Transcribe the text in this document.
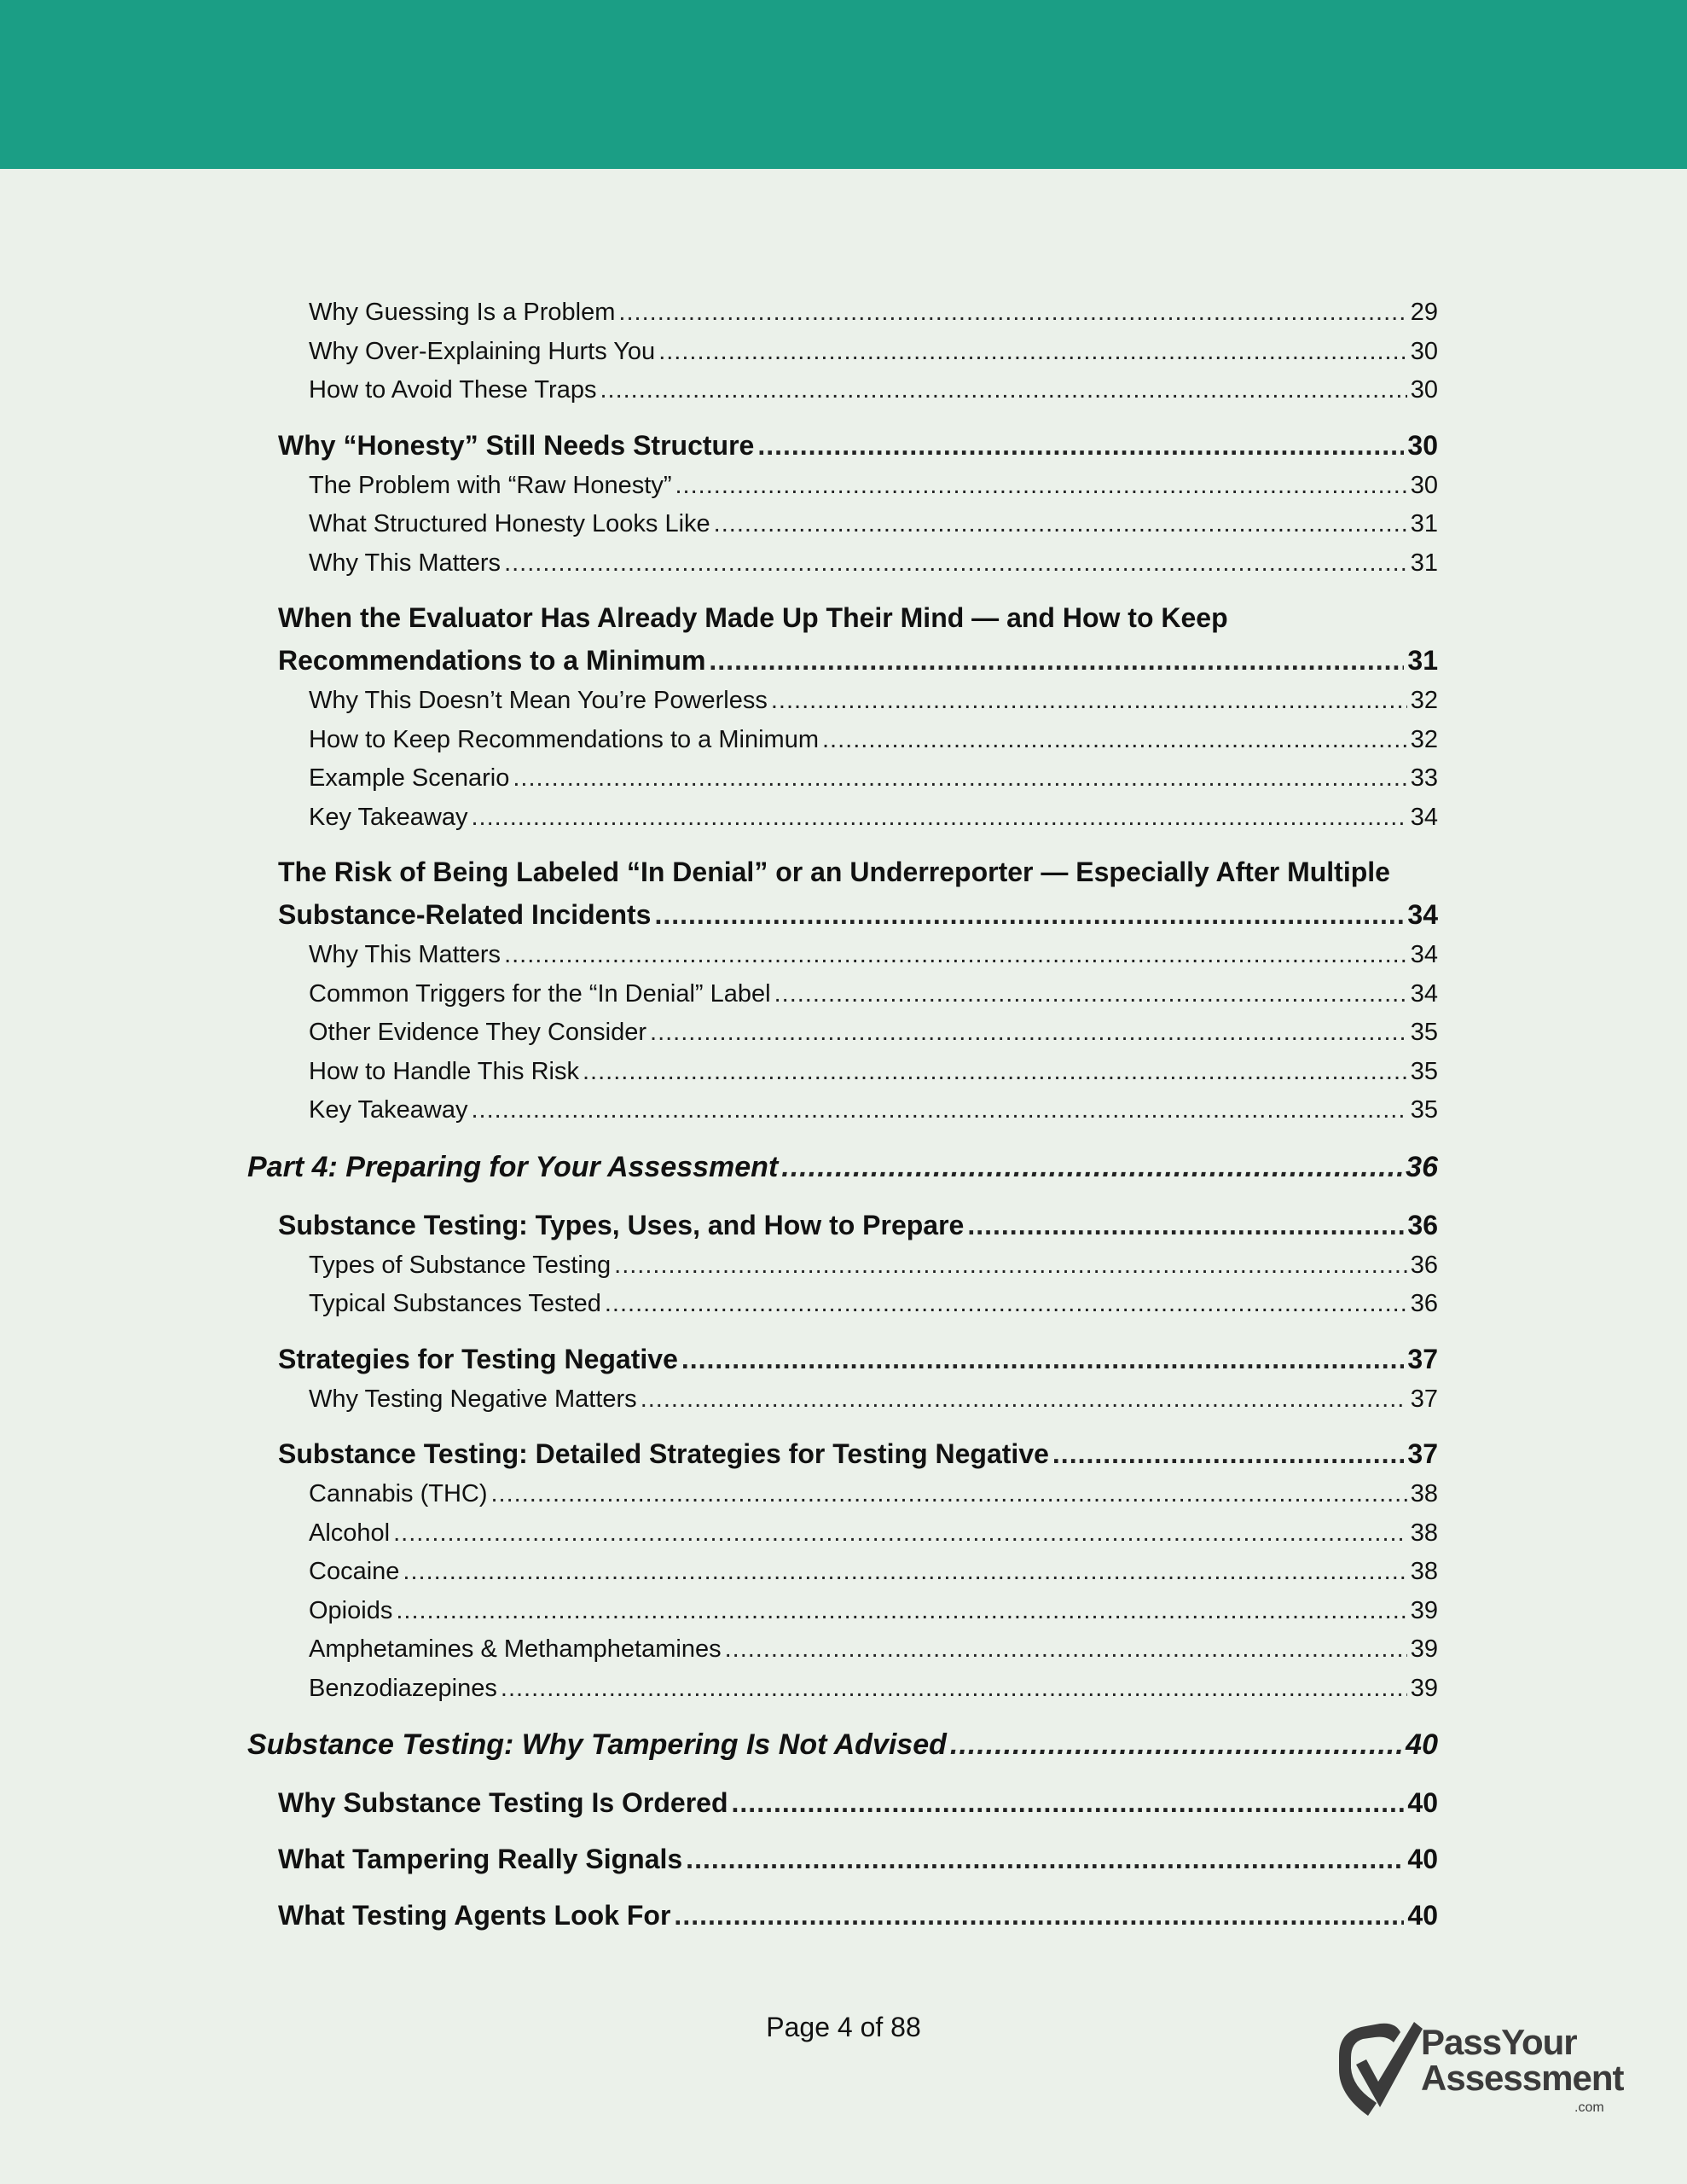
Why Guessing Is a Problem .....	29
Why Over-Explaining Hurts You .....	30
How to Avoid These Traps .....	30
Why “Honesty” Still Needs Structure .....	30
The Problem with “Raw Honesty” .....	30
What Structured Honesty Looks Like .....	31
Why This Matters .....	31
When the Evaluator Has Already Made Up Their Mind — and How to Keep
Recommendations to a Minimum .....	31
Why This Doesn’t Mean You’re Powerless .....	32
How to Keep Recommendations to a Minimum .....	32
Example Scenario .....	33
Key Takeaway .....	34
The Risk of Being Labeled “In Denial” or an Underreporter — Especially After Multiple
Substance-Related Incidents .....	34
Why This Matters .....	34
Common Triggers for the “In Denial” Label .....	34
Other Evidence They Consider .....	35
How to Handle This Risk .....	35
Key Takeaway .....	35
Part 4: Preparing for Your Assessment .....	36
Substance Testing: Types, Uses, and How to Prepare .....	36
Types of Substance Testing .....	36
Typical Substances Tested .....	36
Strategies for Testing Negative .....	37
Why Testing Negative Matters .....	37
Substance Testing: Detailed Strategies for Testing Negative .....	37
Cannabis (THC) .....	38
Alcohol .....	38
Cocaine .....	38
Opioids .....	39
Amphetamines & Methamphetamines .....	39
Benzodiazepines .....	39
Substance Testing: Why Tampering Is Not Advised .....	40
Why Substance Testing Is Ordered .....	40
What Tampering Really Signals .....	40
What Testing Agents Look For .....	40
Page 4 of 88	PassYour
Assessment
.com
